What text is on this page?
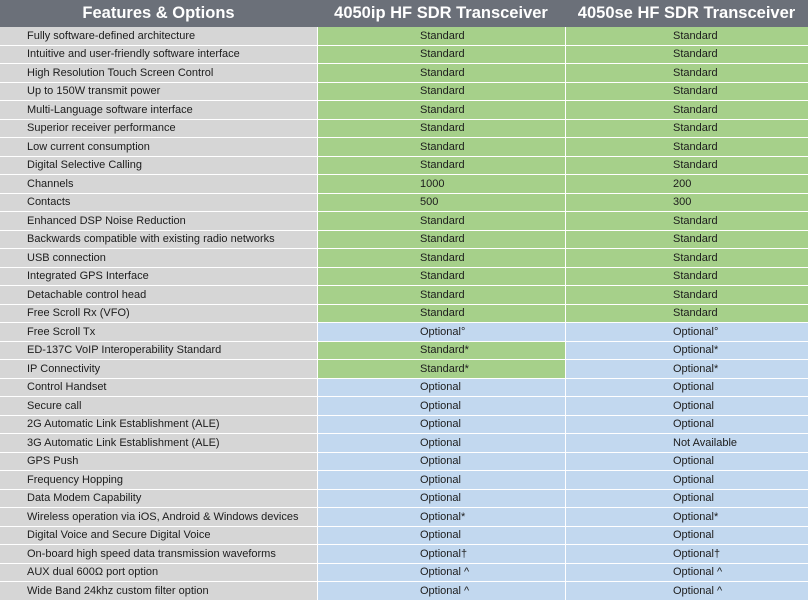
Features & Options	4050ip HF SDR Transceiver	4050se HF SDR Transceiver
Fully software-defined architecture	Standard	Standard
Intuitive and user-friendly software interface	Standard	Standard
High Resolution Touch Screen Control	Standard	Standard
Up to 150W transmit power	Standard	Standard
Multi-Language software interface	Standard	Standard
Superior receiver performance	Standard	Standard
Low current consumption	Standard	Standard
Digital Selective Calling	Standard	Standard
Channels	1000	200
Contacts	500	300
Enhanced DSP Noise Reduction	Standard	Standard
Backwards compatible with existing radio networks	Standard	Standard
USB connection	Standard	Standard
Integrated GPS Interface	Standard	Standard
Detachable control head	Standard	Standard
Free Scroll Rx (VFO)	Standard	Standard
Free Scroll Tx	Optional°	Optional°
ED-137C VoIP Interoperability Standard	Standard*	Optional*
IP Connectivity	Standard*	Optional*
Control Handset	Optional	Optional
Secure call	Optional	Optional
2G Automatic Link Establishment (ALE)	Optional	Optional
3G Automatic Link Establishment (ALE)	Optional	Not Available
GPS Push	Optional	Optional
Frequency Hopping	Optional	Optional
Data Modem Capability	Optional	Optional
Wireless operation via iOS, Android & Windows devices	Optional*	Optional*
Digital Voice and Secure Digital Voice	Optional	Optional
On-board high speed data transmission waveforms	Optional†	Optional†
AUX dual 600Ω port option	Optional ^	Optional ^
Wide Band 24khz custom filter option	Optional ^	Optional ^
